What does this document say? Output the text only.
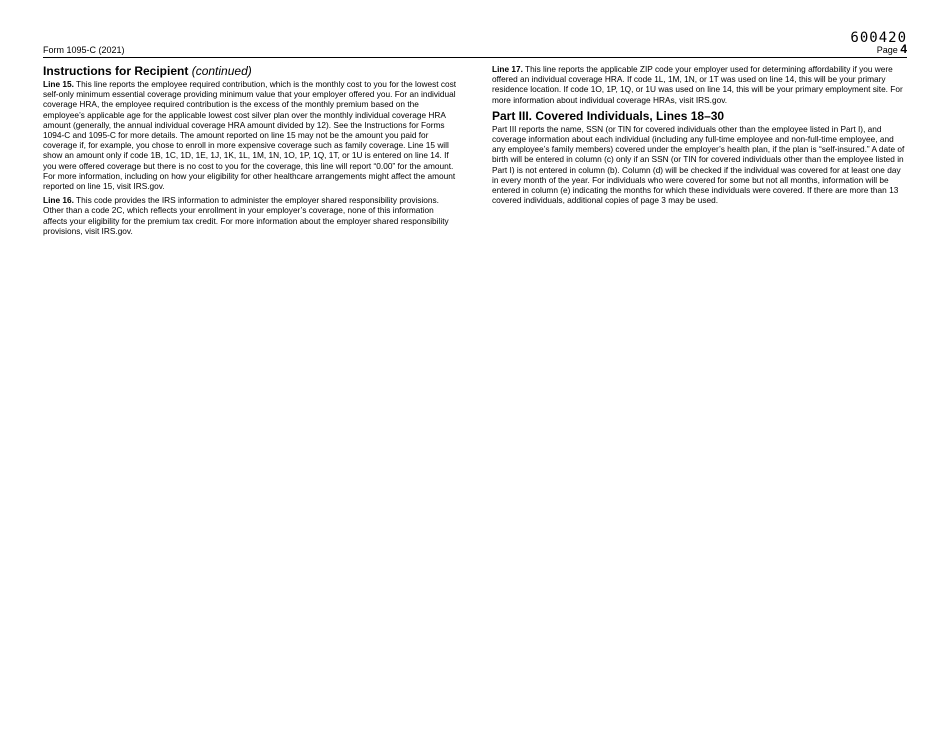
600420
Form 1095-C (2021)	Page 4
Instructions for Recipient (continued)

Line 15. This line reports the employee required contribution, which is the monthly cost to you for the lowest cost self-only minimum essential coverage providing minimum value that your employer offered you. For an individual coverage HRA, the employee required contribution is the excess of the monthly premium based on the employee’s applicable age for the applicable lowest cost silver plan over the monthly individual coverage HRA amount (generally, the annual individual coverage HRA amount divided by 12). See the Instructions for Forms 1094-C and 1095-C for more details. The amount reported on line 15 may not be the amount you paid for coverage if, for example, you chose to enroll in more expensive coverage such as family coverage. Line 15 will show an amount only if code 1B, 1C, 1D, 1E, 1J, 1K, 1L, 1M, 1N, 1O, 1P, 1Q, 1T, or 1U is entered on line 14. If you were offered coverage but there is no cost to you for the coverage, this line will report “0.00” for the amount. For more information, including on how your eligibility for other healthcare arrangements might affect the amount reported on line 15, visit IRS.gov.

Line 16. This code provides the IRS information to administer the employer shared responsibility provisions. Other than a code 2C, which reflects your enrollment in your employer’s coverage, none of this information affects your eligibility for the premium tax credit. For more information about the employer shared responsibility provisions, visit IRS.gov.

Line 17. This line reports the applicable ZIP code your employer used for determining affordability if you were offered an individual coverage HRA. If code 1L, 1M, 1N, or 1T was used on line 14, this will be your primary residence location. If code 1O, 1P, 1Q, or 1U was used on line 14, this will be your primary employment site. For more information about individual coverage HRAs, visit IRS.gov.

Part III. Covered Individuals, Lines 18–30

Part III reports the name, SSN (or TIN for covered individuals other than the employee listed in Part I), and coverage information about each individual (including any full-time employee and non-full-time employee, and any employee’s family members) covered under the employer’s health plan, if the plan is “self-insured.” A date of birth will be entered in column (c) only if an SSN (or TIN for covered individuals other than the employee listed in Part I) is not entered in column (b). Column (d) will be checked if the individual was covered for at least one day in every month of the year. For individuals who were covered for some but not all months, information will be entered in column (e) indicating the months for which these individuals were covered. If there are more than 13 covered individuals, additional copies of page 3 may be used.
